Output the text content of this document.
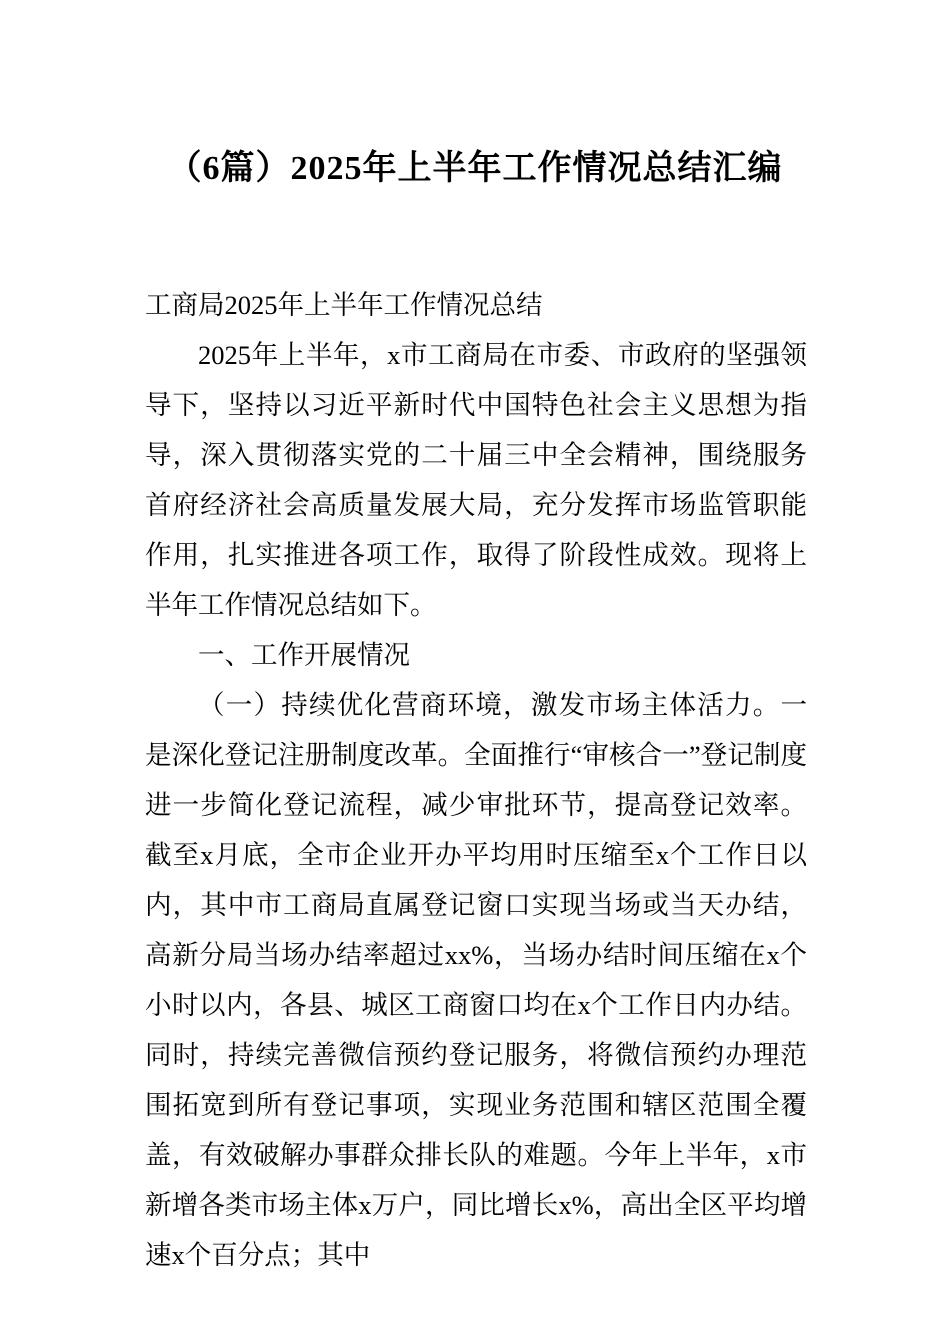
（6篇）2025年上半年工作情况总结汇编

工商局2025年上半年工作情况总结

2025年上半年，x市工商局在市委、市政府的坚强领导下，坚持以习近平新时代中国特色社会主义思想为指导，深入贯彻落实党的二十届三中全会精神，围绕服务首府经济社会高质量发展大局，充分发挥市场监管职能作用，扎实推进各项工作，取得了阶段性成效。现将上半年工作情况总结如下。

一、工作开展情况

（一）持续优化营商环境，激发市场主体活力。一是深化登记注册制度改革。全面推行“审核合一”登记制度进一步简化登记流程，减少审批环节，提高登记效率。截至x月底，全市企业开办平均用时压缩至x个工作日以内，其中市工商局直属登记窗口实现当场或当天办结，高新分局当场办结率超过xx%，当场办结时间压缩在x个小时以内，各县、城区工商窗口均在x个工作日内办结。同时，持续完善微信预约登记服务，将微信预约办理范围拓宽到所有登记事项，实现业务范围和辖区范围全覆盖，有效破解办事群众排长队的难题。今年上半年，x市新增各类市场主体x万户，同比增长x%，高出全区平均增速x个百分点；其中
